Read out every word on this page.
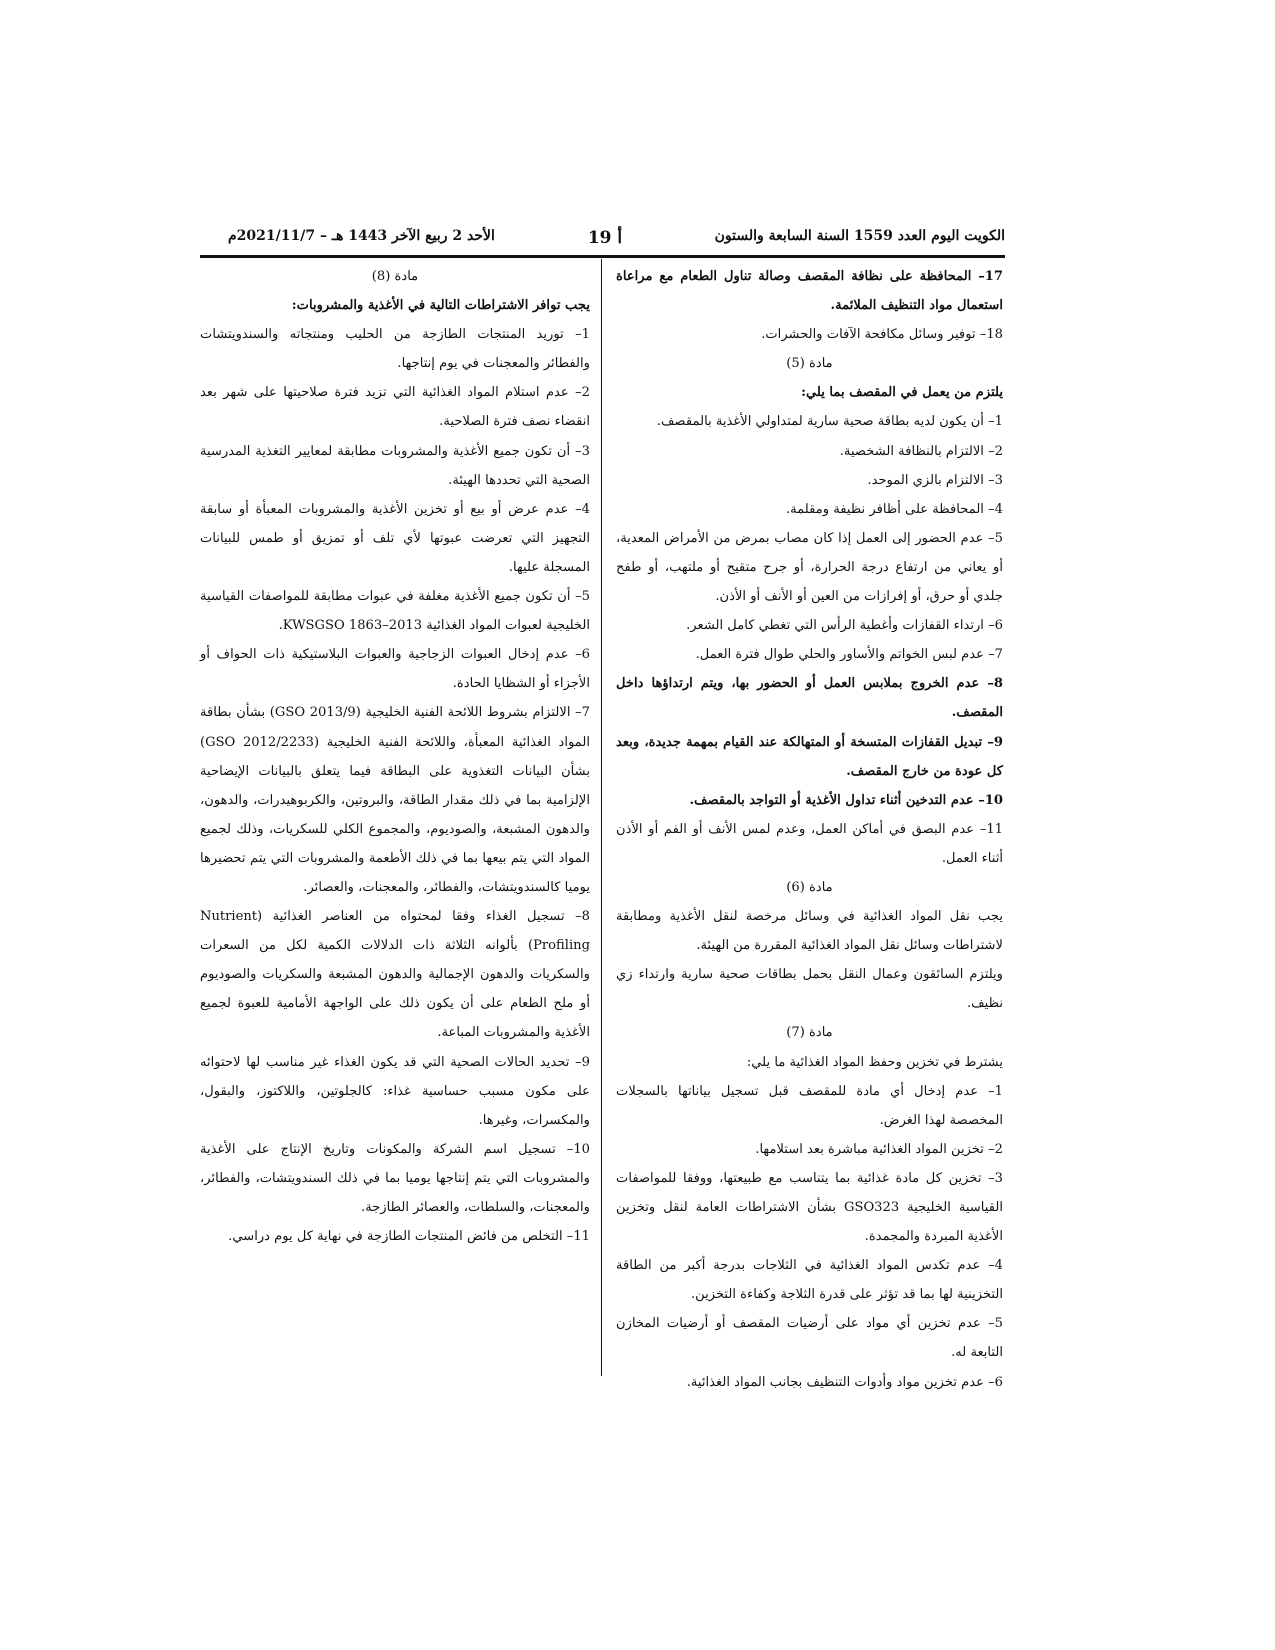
الكويت اليوم العدد 1559 السنة السابعة والستون
أ 19
الأحد 2 ربيع الآخر 1443 هـ – 2021/11/7م

17– المحافظة على نظافة المقصف وصالة تناول الطعام مع مراعاة استعمال مواد التنظيف الملائمة.

18– توفير وسائل مكافحة الآفات والحشرات.

مادة (5)

يلتزم من يعمل في المقصف بما يلي:

1– أن يكون لديه بطاقة صحية سارية لمتداولي الأغذية بالمقصف.

2– الالتزام بالنظافة الشخصية.

3– الالتزام بالزي الموحد.

4– المحافظة على أظافر نظيفة ومقلمة.

5– عدم الحضور إلى العمل إذا كان مصاب بمرض من الأمراض المعدية، أو يعاني من ارتفاع درجة الحرارة، أو جرح متقيح أو ملتهب، أو طفح جلدي أو حرق، أو إفرازات من العين أو الأنف أو الأذن.

6– ارتداء القفازات وأغطية الرأس التي تغطي كامل الشعر.

7– عدم لبس الخواتم والأساور والحلي طوال فترة العمل.

8– عدم الخروج بملابس العمل أو الحضور بها، ويتم ارتداؤها داخل المقصف.

9– تبديل القفازات المتسخة أو المتهالكة عند القيام بمهمة جديدة، وبعد كل عودة من خارج المقصف.

10– عدم التدخين أثناء تداول الأغذية أو التواجد بالمقصف.

11– عدم البصق في أماكن العمل، وعدم لمس الأنف أو الفم أو الأذن أثناء العمل.

مادة (6)

يجب نقل المواد الغذائية في وسائل مرخصة لنقل الأغذية ومطابقة لاشتراطات وسائل نقل المواد الغذائية المقررة من الهيئة.

ويلتزم السائقون وعمال النقل بحمل بطاقات صحية سارية وارتداء زي نظيف.

مادة (7)

يشترط في تخزين وحفظ المواد الغذائية ما يلي:

1– عدم إدخال أي مادة للمقصف قبل تسجيل بياناتها بالسجلات المخصصة لهذا الغرض.

2– تخزين المواد الغذائية مباشرة بعد استلامها.

3– تخزين كل مادة غذائية بما يتناسب مع طبيعتها، ووفقا للمواصفات القياسية الخليجية GSO323 بشأن الاشتراطات العامة لنقل وتخزين الأغذية المبردة والمجمدة.

4– عدم تكدس المواد الغذائية في الثلاجات بدرجة أكبر من الطاقة التخزينية لها بما قد تؤثر على قدرة الثلاجة وكفاءة التخزين.

5– عدم تخزين أي مواد على أرضيات المقصف أو أرضيات المخازن التابعة له.

6– عدم تخزين مواد وأدوات التنظيف بجانب المواد الغذائية.

مادة (8)

يجب توافر الاشتراطات التالية في الأغذية والمشروبات:

1– توريد المنتجات الطازجة من الحليب ومنتجاته والسندويتشات والفطائر والمعجنات في يوم إنتاجها.

2– عدم استلام المواد الغذائية التي تزيد فترة صلاحيتها على شهر بعد انقضاء نصف فترة الصلاحية.

3– أن تكون جميع الأغذية والمشروبات مطابقة لمعايير التغذية المدرسية الصحية التي تحددها الهيئة.

4– عدم عرض أو بيع أو تخزين الأغذية والمشروبات المعبأة أو سابقة التجهيز التي تعرضت عبوتها لأي تلف أو تمزيق أو طمس للبيانات المسجلة عليها.

5– أن تكون جميع الأغذية مغلفة في عبوات مطابقة للمواصفات القياسية الخليجية لعبوات المواد الغذائية 2013–1863 KWSGSO.

6– عدم إدخال العبوات الزجاجية والعبوات البلاستيكية ذات الحواف أو الأجزاء أو الشظايا الحادة.

7– الالتزام بشروط اللائحة الفنية الخليجية (GSO 2013/9) بشأن بطاقة المواد الغذائية المعبأة، واللائحة الفنية الخليجية (GSO 2012/2233) بشأن البيانات التغذوية على البطاقة فيما يتعلق بالبيانات الإيضاحية الإلزامية بما في ذلك مقدار الطاقة، والبروتين، والكربوهيدرات، والدهون، والدهون المشبعة، والصوديوم، والمجموع الكلي للسكريات، وذلك لجميع المواد التي يتم بيعها بما في ذلك الأطعمة والمشروبات التي يتم تحضيرها يوميا كالسندويتشات، والفطائر، والمعجنات، والعصائر.

8– تسجيل الغذاء وفقا لمحتواه من العناصر الغذائية (Nutrient Profiling) بألوانه الثلاثة ذات الدلالات الكمية لكل من السعرات والسكريات والدهون الإجمالية والدهون المشبعة والسكريات والصوديوم أو ملح الطعام على أن يكون ذلك على الواجهة الأمامية للعبوة لجميع الأغذية والمشروبات المباعة.

9– تحديد الحالات الصحية التي قد يكون الغذاء غير مناسب لها لاحتوائه على مكون مسبب حساسية غذاء: كالجلوتين، واللاكتوز، والبقول، والمكسرات، وغيرها.

10– تسجيل اسم الشركة والمكونات وتاريخ الإنتاج على الأغذية والمشروبات التي يتم إنتاجها يوميا بما في ذلك السندويتشات، والفطائر، والمعجنات، والسلطات، والعصائر الطازجة.

11– التخلص من فائض المنتجات الطازجة في نهاية كل يوم دراسي.
